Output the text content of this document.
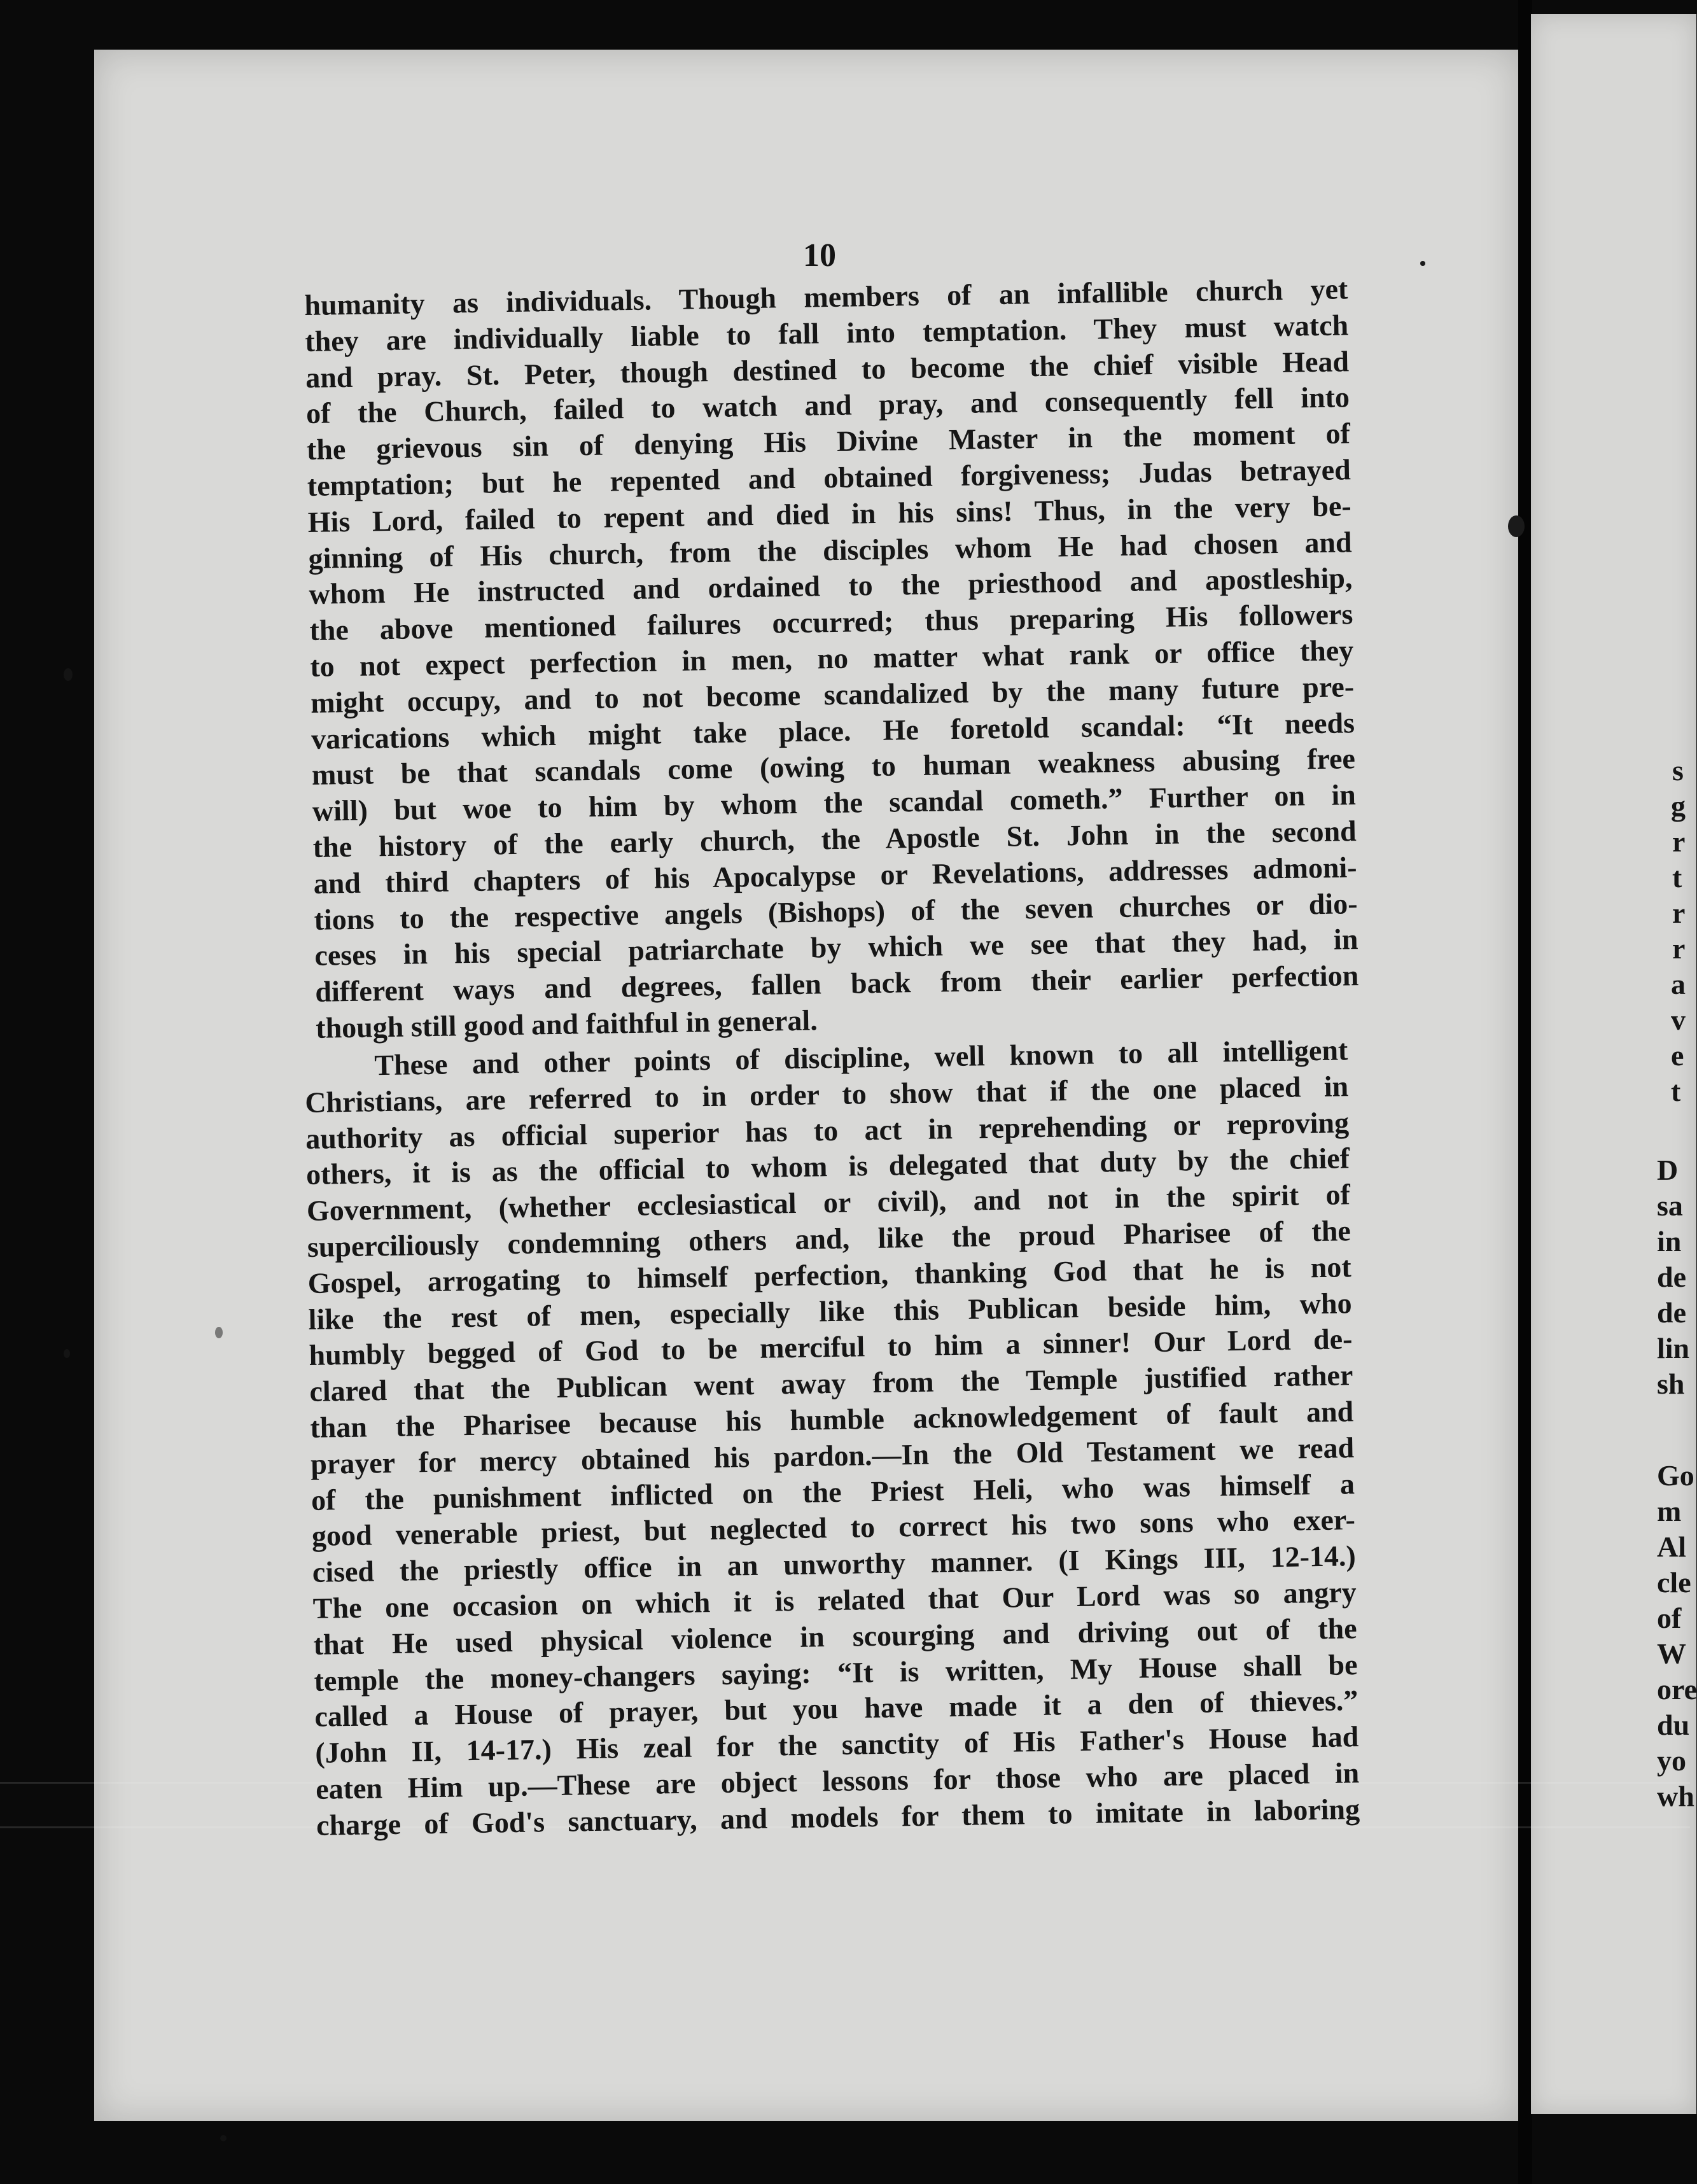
10
humanity as individuals. Though members of an infallible church yet
they are individually liable to fall into temptation. They must watch
and pray. St. Peter, though destined to become the chief visible Head
of the Church, failed to watch and pray, and consequently fell into
the grievous sin of denying His Divine Master in the moment of
temptation; but he repented and obtained forgiveness; Judas betrayed
His Lord, failed to repent and died in his sins! Thus, in the very be-
ginning of His church, from the disciples whom He had chosen and
whom He instructed and ordained to the priesthood and apostleship,
the above mentioned failures occurred; thus preparing His followers
to not expect perfection in men, no matter what rank or office they
might occupy, and to not become scandalized by the many future pre-
varications which might take place. He foretold scandal: “It needs
must be that scandals come (owing to human weakness abusing free
will) but woe to him by whom the scandal cometh.” Further on in
the history of the early church, the Apostle St. John in the second
and third chapters of his Apocalypse or Revelations, addresses admoni-
tions to the respective angels (Bishops) of the seven churches or dio-
ceses in his special patriarchate by which we see that they had, in
different ways and degrees, fallen back from their earlier perfection
though still good and faithful in general.
These and other points of discipline, well known to all intelligent
Christians, are referred to in order to show that if the one placed in
authority as official superior has to act in reprehending or reproving
others, it is as the official to whom is delegated that duty by the chief
Government, (whether ecclesiastical or civil), and not in the spirit of
superciliously condemning others and, like the proud Pharisee of the
Gospel, arrogating to himself perfection, thanking God that he is not
like the rest of men, especially like this Publican beside him, who
humbly begged of God to be merciful to him a sinner! Our Lord de-
clared that the Publican went away from the Temple justified rather
than the Pharisee because his humble acknowledgement of fault and
prayer for mercy obtained his pardon.—In the Old Testament we read
of the punishment inflicted on the Priest Heli, who was himself a
good venerable priest, but neglected to correct his two sons who exer-
cised the priestly office in an unworthy manner. (I Kings III, 12-14.)
The one occasion on which it is related that Our Lord was so angry
that He used physical violence in scourging and driving out of the
temple the money-changers saying: “It is written, My House shall be
called a House of prayer, but you have made it a den of thieves.”
(John II, 14-17.) His zeal for the sanctity of His Father's House had
eaten Him up.—These are object lessons for those who are placed in
charge of God's sanctuary, and models for them to imitate in laboring
s
g
r
t
r
r
a
v
e
t
D
sa
in
de
de
lin
sh
Go
m
Al
cle
of
W
ore
du
yo
wh
